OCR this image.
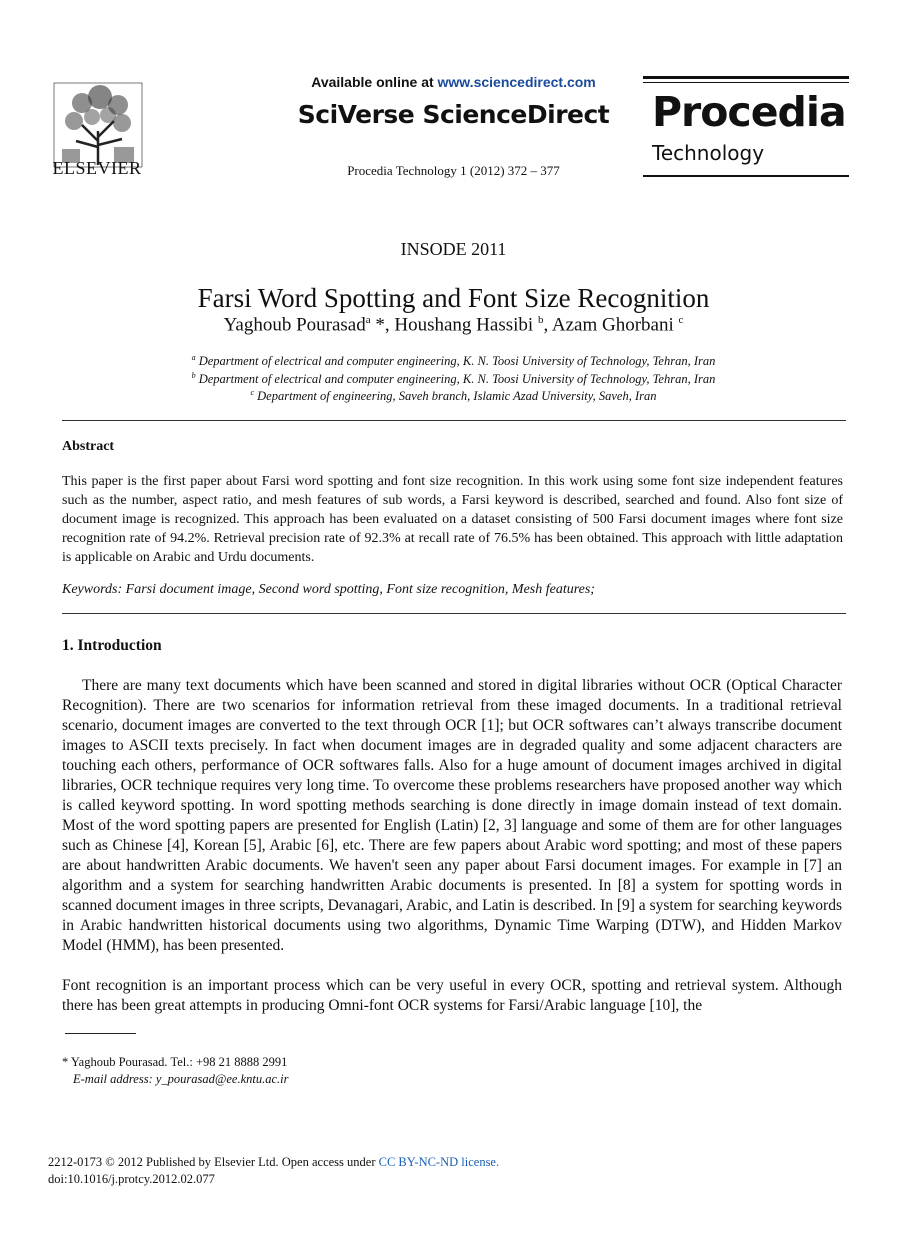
ELSEVIER
Available online at www.sciencedirect.com
SciVerse ScienceDirect
Procedia Technology 1 (2012) 372 – 377
Procedia
Technology
INSODE 2011
Farsi Word Spotting and Font Size Recognition
Yaghoub Pourasad$^a$ *, Houshang Hassibi $^b$, Azam Ghorbani $^c$
$^a$ Department of electrical and computer engineering, K. N. Toosi University of Technology, Tehran, Iran
$^b$ Department of electrical and computer engineering, K. N. Toosi University of Technology, Tehran, Iran
$^c$ Department of engineering, Saveh branch, Islamic Azad University, Saveh, Iran
Abstract
This paper is the first paper about Farsi word spotting and font size recognition. In this work using some font size independent features such as the number, aspect ratio, and mesh features of sub words, a Farsi keyword is described, searched and found. Also font size of document image is recognized. This approach has been evaluated on a dataset consisting of 500 Farsi document images where font size recognition rate of 94.2%. Retrieval precision rate of 92.3% at recall rate of 76.5% has been obtained. This approach with little adaptation is applicable on Arabic and Urdu documents.
Keywords: Farsi document image, Second word spotting, Font size recognition, Mesh features;
1. Introduction
There are many text documents which have been scanned and stored in digital libraries without OCR (Optical Character Recognition). There are two scenarios for information retrieval from these imaged documents. In a traditional retrieval scenario, document images are converted to the text through OCR [1]; but OCR softwares can’t always transcribe document images to ASCII texts precisely. In fact when document images are in degraded quality and some adjacent characters are touching each others, performance of OCR softwares falls. Also for a huge amount of document images archived in digital libraries, OCR technique requires very long time. To overcome these problems researchers have proposed another way which is called keyword spotting. In word spotting methods searching is done directly in image domain instead of text domain. Most of the word spotting papers are presented for English (Latin) [2, 3] language and some of them are for other languages such as Chinese [4], Korean [5], Arabic [6], etc. There are few papers about Arabic word spotting; and most of these papers are about handwritten Arabic documents. We haven't seen any paper about Farsi document images. For example in [7] an algorithm and a system for searching handwritten Arabic documents is presented. In [8] a system for spotting words in scanned document images in three scripts, Devanagari, Arabic, and Latin is described. In [9] a system for searching keywords in Arabic handwritten historical documents using two algorithms, Dynamic Time Warping (DTW), and Hidden Markov Model (HMM), has been presented.
Font recognition is an important process which can be very useful in every OCR, spotting and retrieval system. Although there has been great attempts in producing Omni-font OCR systems for Farsi/Arabic language [10], the
* Yaghoub Pourasad. Tel.: +98 21 8888 2991
E-mail address: y_pourasad@ee.kntu.ac.ir
2212-0173 © 2012 Published by Elsevier Ltd. Open access under CC BY-NC-ND license.
doi:10.1016/j.protcy.2012.02.077
